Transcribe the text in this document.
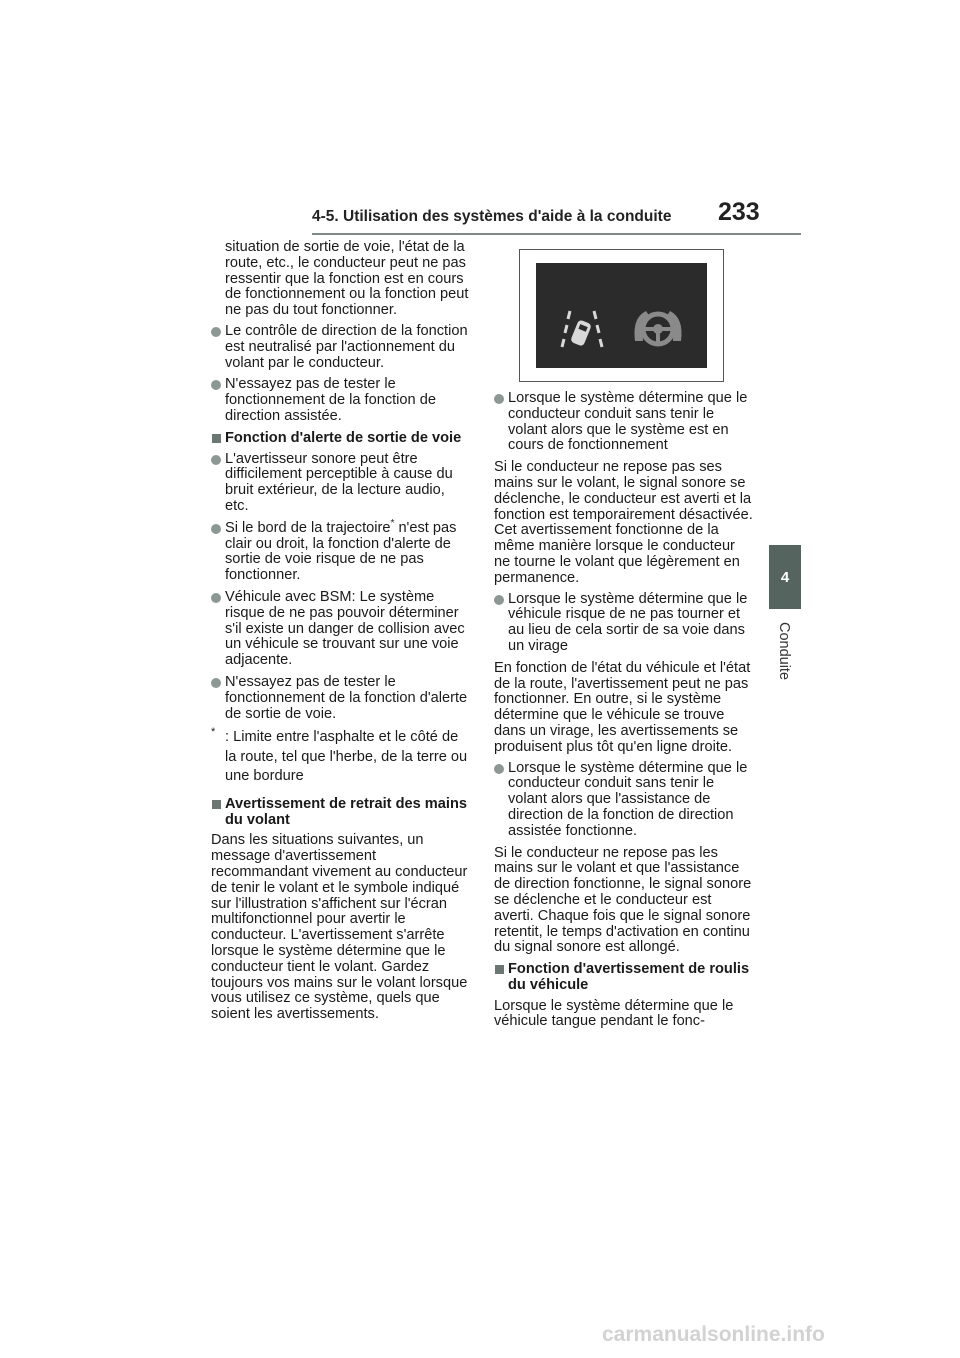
4-5. Utilisation des systèmes d'aide à la conduite 233
4
Conduite

situation de sortie de voie, l'état de la route, etc., le conducteur peut ne pas ressentir que la fonction est en cours de fonctionnement ou la fonction peut ne pas du tout fonctionner.

Le contrôle de direction de la fonction est neutralisé par l'actionnement du volant par le conducteur.
N'essayez pas de tester le fonctionnement de la fonction de direction assistée.
Fonction d'alerte de sortie de voie
L'avertisseur sonore peut être difficilement perceptible à cause du bruit extérieur, de la lecture audio, etc.
Si le bord de la trajectoire* n'est pas clair ou droit, la fonction d'alerte de sortie de voie risque de ne pas fonctionner.
Véhicule avec BSM: Le système risque de ne pas pouvoir déterminer s'il existe un danger de collision avec un véhicule se trouvant sur une voie adjacente.
N'essayez pas de tester le fonctionnement de la fonction d'alerte de sortie de voie.
* : Limite entre l'asphalte et le côté de la route, tel que l'herbe, de la terre ou une bordure
Avertissement de retrait des mains du volant

Dans les situations suivantes, un message d'avertissement recommandant vivement au conducteur de tenir le volant et le symbole indiqué sur l'illustration s'affichent sur l'écran multifonctionnel pour avertir le conducteur. L'avertissement s'arrête lorsque le système détermine que le conducteur tient le volant. Gardez toujours vos mains sur le volant lorsque vous utilisez ce système, quels que soient les avertissements.

Lorsque le système détermine que le conducteur conduit sans tenir le volant alors que le système est en cours de fonctionnement

Si le conducteur ne repose pas ses mains sur le volant, le signal sonore se déclenche, le conducteur est averti et la fonction est temporairement désactivée. Cet avertissement fonctionne de la même manière lorsque le conducteur ne tourne le volant que légèrement en permanence.

Lorsque le système détermine que le véhicule risque de ne pas tourner et au lieu de cela sortir de sa voie dans un virage

En fonction de l'état du véhicule et l'état de la route, l'avertissement peut ne pas fonctionner. En outre, si le système détermine que le véhicule se trouve dans un virage, les avertissements se produisent plus tôt qu'en ligne droite.

Lorsque le système détermine que le conducteur conduit sans tenir le volant alors que l'assistance de direction de la fonction de direction assistée fonctionne.

Si le conducteur ne repose pas les mains sur le volant et que l'assistance de direction fonctionne, le signal sonore se déclenche et le conducteur est averti. Chaque fois que le signal sonore retentit, le temps d'activation en continu du signal sonore est allongé.

Fonction d'avertissement de roulis du véhicule

Lorsque le système détermine que le véhicule tangue pendant le fonc-

carmanualsonline.info
